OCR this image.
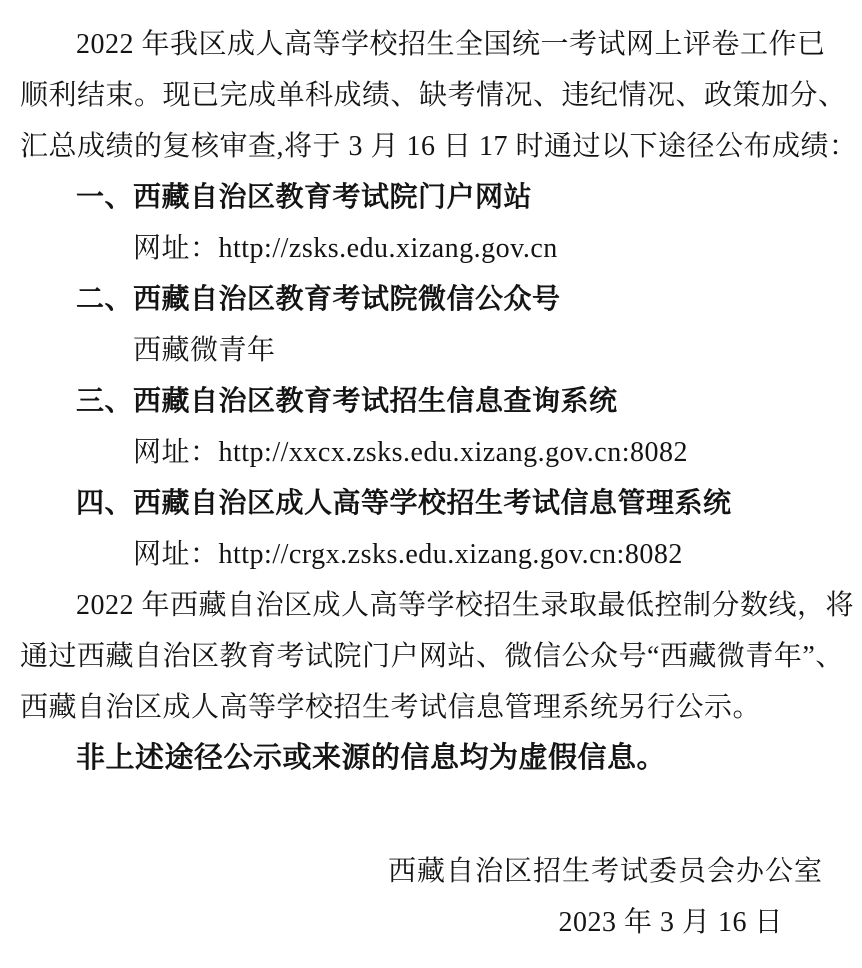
2022 年我区成人高等学校招生全国统一考试网上评卷工作已
顺利结束。现已完成单科成绩、缺考情况、违纪情况、政策加分、
汇总成绩的复核审查,将于 3 月 16 日 17 时通过以下途径公布成绩：
一、西藏自治区教育考试院门户网站
网址：http://zsks.edu.xizang.gov.cn
二、西藏自治区教育考试院微信公众号
西藏微青年
三、西藏自治区教育考试招生信息查询系统
网址：http://xxcx.zsks.edu.xizang.gov.cn:8082
四、西藏自治区成人高等学校招生考试信息管理系统
网址：http://crgx.zsks.edu.xizang.gov.cn:8082
2022 年西藏自治区成人高等学校招生录取最低控制分数线，将
通过西藏自治区教育考试院门户网站、微信公众号“西藏微青年”、
西藏自治区成人高等学校招生考试信息管理系统另行公示。
非上述途径公示或来源的信息均为虚假信息。
西藏自治区招生考试委员会办公室
2023 年 3 月 16 日
